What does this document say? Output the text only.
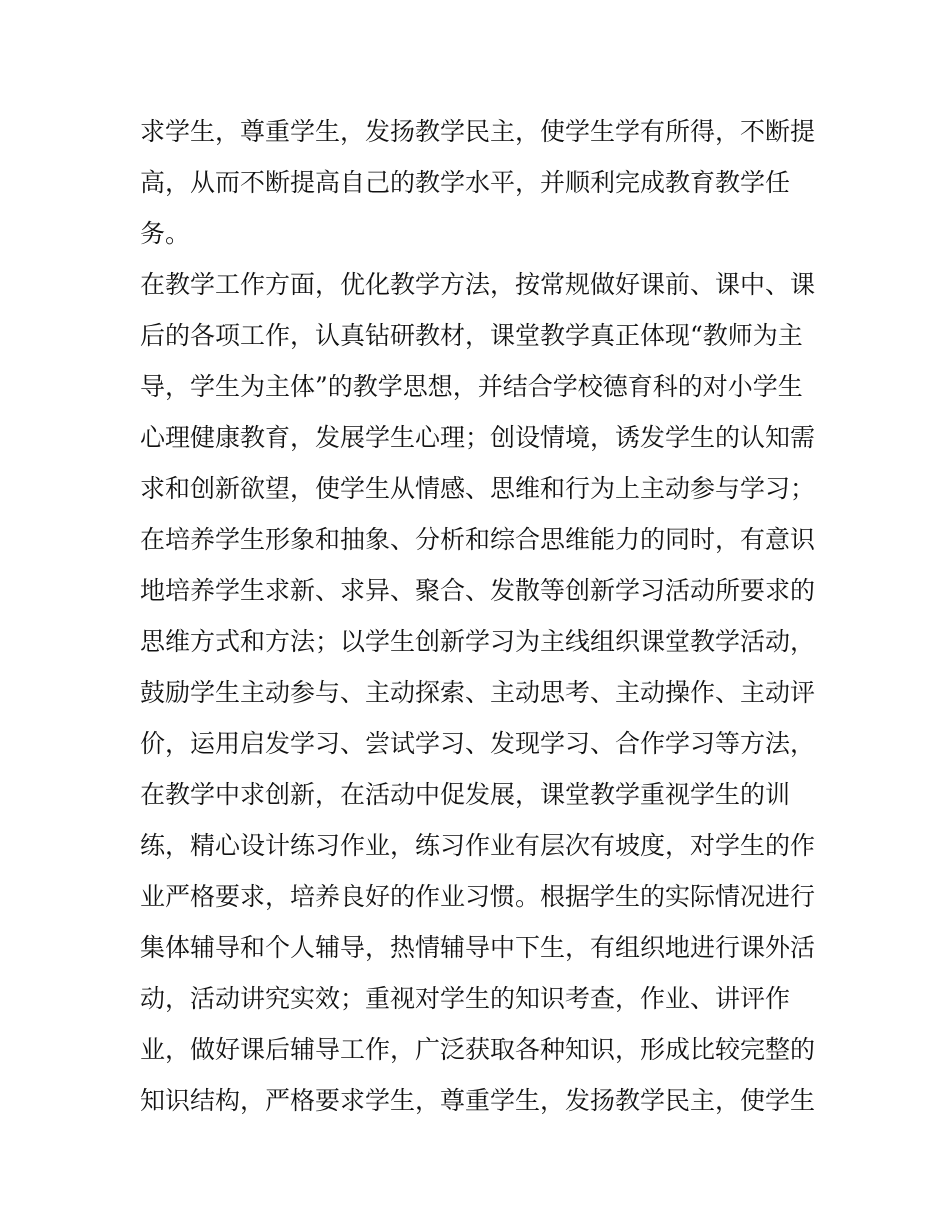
求学生，尊重学生，发扬教学民主，使学生学有所得，不断提
高，从而不断提高自己的教学水平，并顺利完成教育教学任
务。
在教学工作方面，优化教学方法，按常规做好课前、课中、课
后的各项工作，认真钻研教材，课堂教学真正体现“教师为主
导，学生为主体”的教学思想，并结合学校德育科的对小学生
心理健康教育，发展学生心理；创设情境，诱发学生的认知需
求和创新欲望，使学生从情感、思维和行为上主动参与学习；
在培养学生形象和抽象、分析和综合思维能力的同时，有意识
地培养学生求新、求异、聚合、发散等创新学习活动所要求的
思维方式和方法；以学生创新学习为主线组织课堂教学活动，
鼓励学生主动参与、主动探索、主动思考、主动操作、主动评
价，运用启发学习、尝试学习、发现学习、合作学习等方法，
在教学中求创新，在活动中促发展，课堂教学重视学生的训
练，精心设计练习作业，练习作业有层次有坡度，对学生的作
业严格要求，培养良好的作业习惯。根据学生的实际情况进行
集体辅导和个人辅导，热情辅导中下生，有组织地进行课外活
动，活动讲究实效；重视对学生的知识考查，作业、讲评作
业，做好课后辅导工作，广泛获取各种知识，形成比较完整的
知识结构，严格要求学生，尊重学生，发扬教学民主，使学生
